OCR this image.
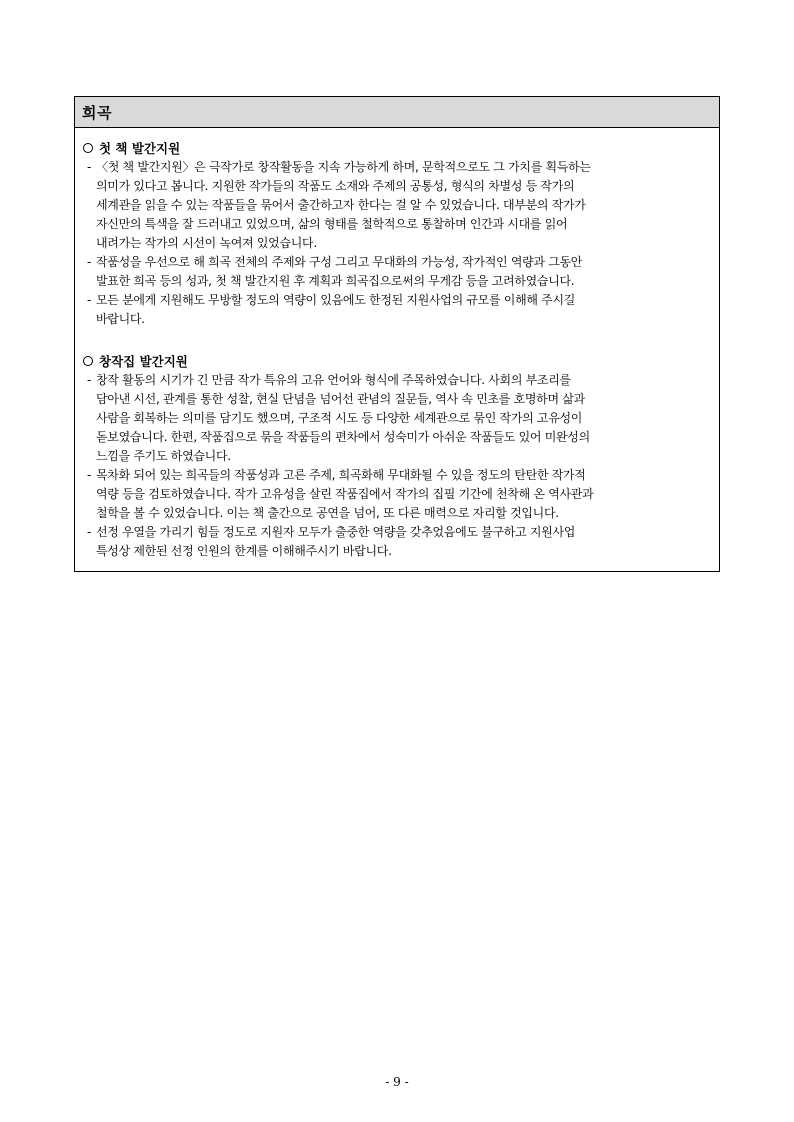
희곡
첫 책 발간지원
- 〈첫 책 발간지원〉은 극작가로 창작활동을 지속 가능하게 하며, 문학적으로도 그 가치를 획득하는
의미가 있다고 봅니다. 지원한 작가들의 작품도 소재와 주제의 공통성, 형식의 차별성 등 작가의
세계관을 읽을 수 있는 작품들을 묶어서 출간하고자 한다는 걸 알 수 있었습니다. 대부분의 작가가
자신만의 특색을 잘 드러내고 있었으며, 삶의 형태를 철학적으로 통찰하며 인간과 시대를 읽어
내려가는 작가의 시선이 녹여져 있었습니다.
- 작품성을 우선으로 해 희곡 전체의 주제와 구성 그리고 무대화의 가능성, 작가적인 역량과 그동안
발표한 희곡 등의 성과, 첫 책 발간지원 후 계획과 희곡집으로써의 무게감 등을 고려하였습니다.
- 모든 분에게 지원해도 무방할 정도의 역량이 있음에도 한정된 지원사업의 규모를 이해해 주시길
바랍니다.
창작집 발간지원
- 창작 활동의 시기가 긴 만큼 작가 특유의 고유 언어와 형식에 주목하였습니다. 사회의 부조리를
담아낸 시선, 관계를 통한 성찰, 현실 단념을 넘어선 관념의 질문들, 역사 속 민초를 호명하며 삶과
사람을 회복하는 의미를 담기도 했으며, 구조적 시도 등 다양한 세계관으로 묶인 작가의 고유성이
돋보였습니다. 한편, 작품집으로 묶을 작품들의 편차에서 성숙미가 아쉬운 작품들도 있어 미완성의
느낌을 주기도 하였습니다.
- 목차화 되어 있는 희곡들의 작품성과 고른 주제, 희곡화해 무대화될 수 있을 정도의 탄탄한 작가적
역량 등을 검토하였습니다. 작가 고유성을 살린 작품집에서 작가의 집필 기간에 천착해 온 역사관과
철학을 볼 수 있었습니다. 이는 책 출간으로 공연을 넘어, 또 다른 매력으로 자리할 것입니다.
- 선정 우열을 가리기 힘들 정도로 지원자 모두가 출중한 역량을 갖추었음에도 불구하고 지원사업
특성상 제한된 선정 인원의 한계를 이해해주시기 바랍니다.
- 9 -
